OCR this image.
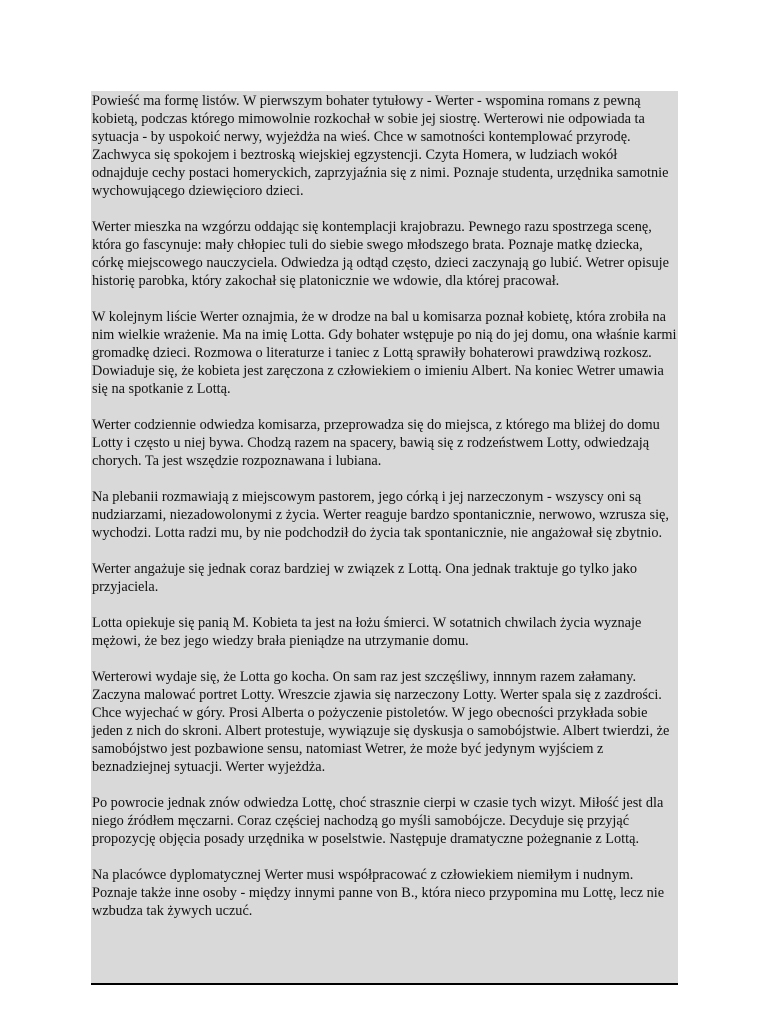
Powieść ma formę listów. W pierwszym bohater tytułowy - Werter - wspomina romans z pewną kobietą, podczas którego mimowolnie rozkochał w sobie jej siostrę. Werterowi nie odpowiada ta sytuacja - by uspokoić nerwy, wyjeżdża na wieś. Chce w samotności kontemplować przyrodę. Zachwyca się spokojem i beztroską wiejskiej egzystencji. Czyta Homera, w ludziach wokół odnajduje cechy postaci homeryckich, zaprzyjaźnia się z nimi. Poznaje studenta, urzędnika samotnie wychowującego dziewięcioro dzieci.

Werter mieszka na wzgórzu oddając się kontemplacji krajobrazu. Pewnego razu spostrzega scenę, która go fascynuje: mały chłopiec tuli do siebie swego młodszego brata. Poznaje matkę dziecka, córkę miejscowego nauczyciela. Odwiedza ją odtąd często, dzieci zaczynają go lubić. Wetrer opisuje historię parobka, który zakochał się platonicznie we wdowie, dla której pracował.

W kolejnym liście Werter oznajmia, że w drodze na bal u komisarza poznał kobietę, która zrobiła na nim wielkie wrażenie. Ma na imię Lotta. Gdy bohater wstępuje po nią do jej domu, ona właśnie karmi gromadkę dzieci. Rozmowa o literaturze i taniec z Lottą sprawiły bohaterowi prawdziwą rozkosz. Dowiaduje się, że kobieta jest zaręczona z człowiekiem o imieniu Albert. Na koniec Wetrer umawia się na spotkanie z Lottą.

Werter codziennie odwiedza komisarza, przeprowadza się do miejsca, z którego ma bliżej do domu Lotty i często u niej bywa. Chodzą razem na spacery, bawią się z rodzeństwem Lotty, odwiedzają chorych. Ta jest wszędzie rozpoznawana i lubiana.

Na plebanii rozmawiają z miejscowym pastorem, jego córką i jej narzeczonym - wszyscy oni są nudziarzami, niezadowolonymi z życia. Werter reaguje bardzo spontanicznie, nerwowo, wzrusza się, wychodzi. Lotta radzi mu, by nie podchodził do życia tak spontanicznie, nie angażował się zbytnio.

Werter angażuje się jednak coraz bardziej w związek z Lottą. Ona jednak traktuje go tylko jako przyjaciela.

Lotta opiekuje się panią M. Kobieta ta jest na łożu śmierci. W sotatnich chwilach życia wyznaje mężowi, że bez jego wiedzy brała pieniądze na utrzymanie domu.

Werterowi wydaje się, że Lotta go kocha. On sam raz jest szczęśliwy, innnym razem załamany. Zaczyna malować portret Lotty. Wreszcie zjawia się narzeczony Lotty. Werter spala się z zazdrości. Chce wyjechać w góry. Prosi Alberta o pożyczenie pistoletów. W jego obecności przykłada sobie jeden z nich do skroni. Albert protestuje, wywiązuje się dyskusja o samobójstwie. Albert twierdzi, że samobójstwo jest pozbawione sensu, natomiast Wetrer, że może być jedynym wyjściem z beznadziejnej sytuacji. Werter wyjeżdża.

Po powrocie jednak znów odwiedza Lottę, choć strasznie cierpi w czasie tych wizyt. Miłość jest dla niego źródłem męczarni. Coraz częściej nachodzą go myśli samobójcze. Decyduje się przyjąć propozycję objęcia posady urzędnika w poselstwie. Następuje dramatyczne pożegnanie z Lottą.

Na placówce dyplomatycznej Werter musi współpracować z człowiekiem niemiłym i nudnym. Poznaje także inne osoby - między innymi panne von B., która nieco przypomina mu Lottę, lecz nie wzbudza tak żywych uczuć.
